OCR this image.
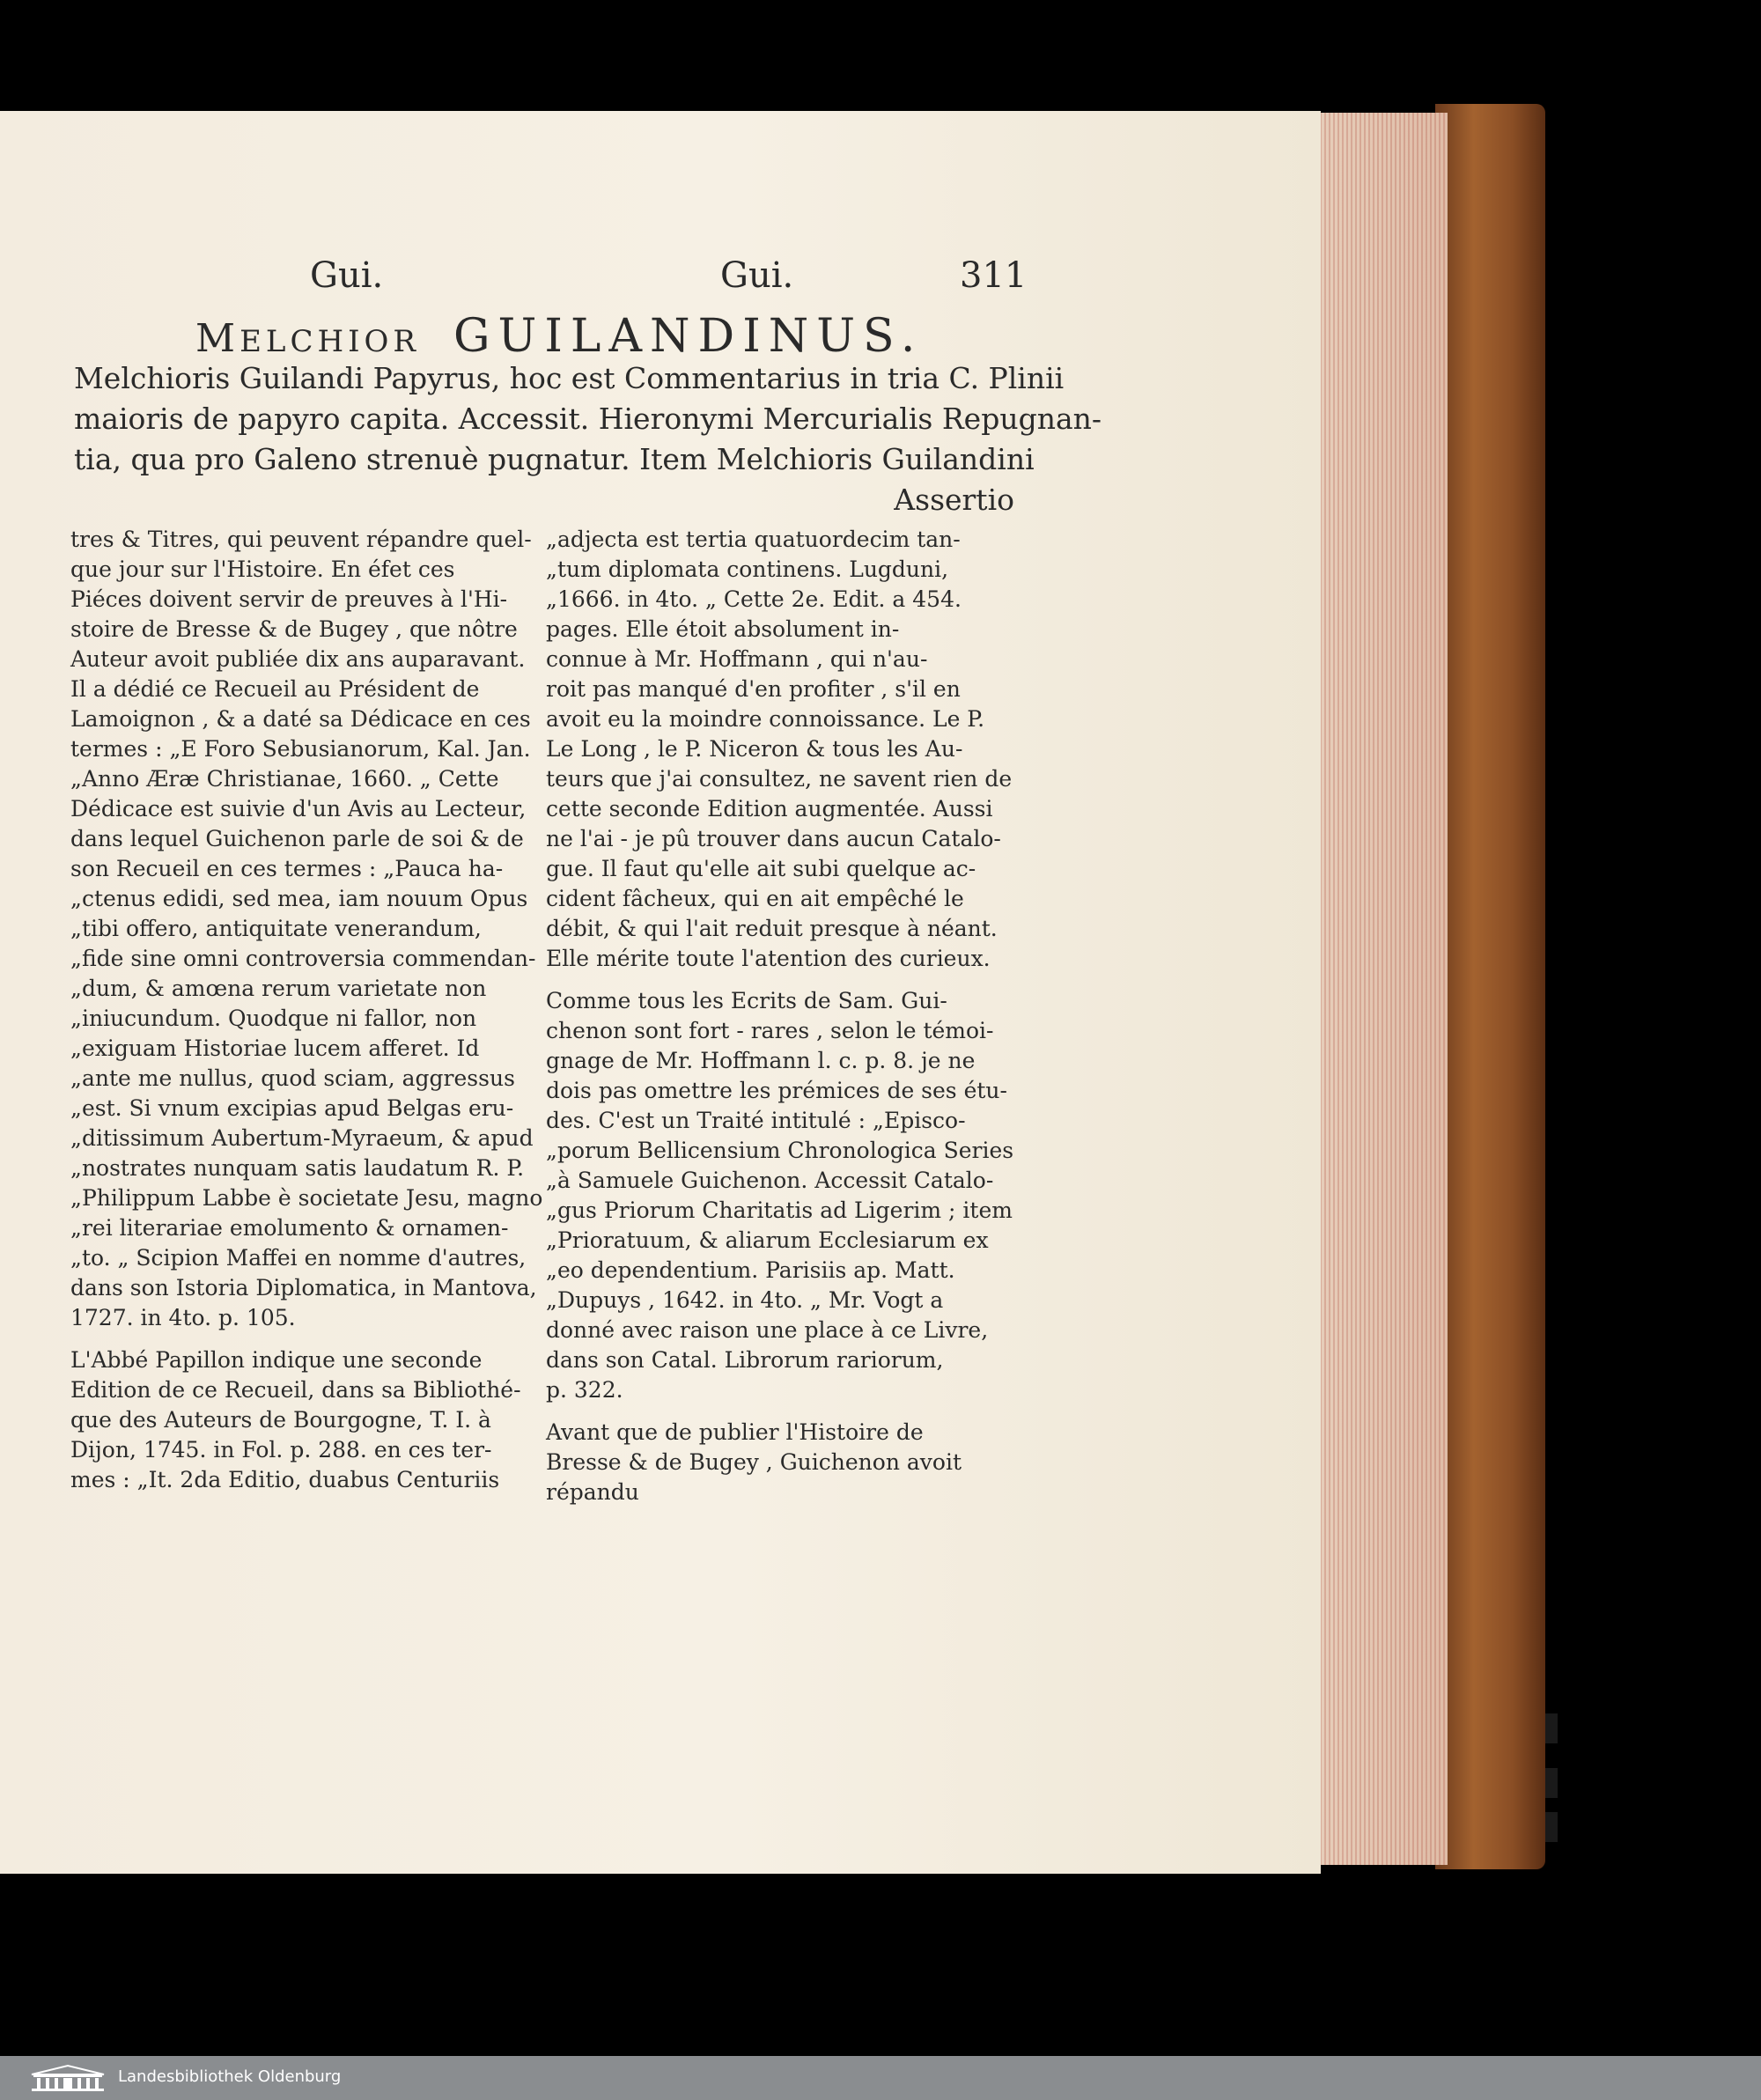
Gui.	Gui.	311
MELCHIOR GUILANDINUS.
Melchioris Guilandi Papyrus, hoc est Commentarius in tria C. Plinii
maioris de papyro capita. Accessit. Hieronymi Mercurialis Repugnan-
tia, qua pro Galeno strenuè pugnatur. Item Melchioris Guilandini
Assertio
tres & Titres, qui peuvent répandre quel-
que jour sur l'Histoire. En éfet ces
Piéces doivent servir de preuves à l'Hi-
stoire de Bresse & de Bugey , que nôtre
Auteur avoit publiée dix ans auparavant.
Il a dédié ce Recueil au Président de
Lamoignon , & a daté sa Dédicace en ces
termes : „E Foro Sebusianorum, Kal. Jan.
„Anno Æræ Christianae, 1660. „ Cette
Dédicace est suivie d'un Avis au Lecteur,
dans lequel Guichenon parle de soi & de
son Recueil en ces termes : „Pauca ha-
„ctenus edidi, sed mea, iam nouum Opus
„tibi offero, antiquitate venerandum,
„fide sine omni controversia commendan-
„dum, & amœna rerum varietate non
„iniucundum. Quodque ni fallor, non
„exiguam Historiae lucem afferet. Id
„ante me nullus, quod sciam, aggressus
„est. Si vnum excipias apud Belgas eru-
„ditissimum Aubertum-Myraeum, & apud
„nostrates nunquam satis laudatum R. P.
„Philippum Labbe è societate Jesu, magno
„rei literariae emolumento & ornamen-
„to. „ Scipion Maffei en nomme d'autres,
dans son Istoria Diplomatica, in Mantova,
1727. in 4to. p. 105.
L'Abbé Papillon indique une seconde
Edition de ce Recueil, dans sa Bibliothé-
que des Auteurs de Bourgogne, T. I. à
Dijon, 1745. in Fol. p. 288. en ces ter-
mes : „It. 2da Editio, duabus Centuriis
„adjecta est tertia quatuordecim tan-
„tum diplomata continens. Lugduni,
„1666. in 4to. „ Cette 2e. Edit. a 454.
pages. Elle étoit absolument in-
connue à Mr. Hoffmann , qui n'au-
roit pas manqué d'en profiter , s'il en
avoit eu la moindre connoissance. Le P.
Le Long , le P. Niceron & tous les Au-
teurs que j'ai consultez, ne savent rien de
cette seconde Edition augmentée. Aussi
ne l'ai - je pû trouver dans aucun Catalo-
gue. Il faut qu'elle ait subi quelque ac-
cident fâcheux, qui en ait empêché le
débit, & qui l'ait reduit presque à néant.
Elle mérite toute l'atention des curieux.
Comme tous les Ecrits de Sam. Gui-
chenon sont fort - rares , selon le témoi-
gnage de Mr. Hoffmann l. c. p. 8. je ne
dois pas omettre les prémices de ses étu-
des. C'est un Traité intitulé : „Episco-
„porum Bellicensium Chronologica Series
„à Samuele Guichenon. Accessit Catalo-
„gus Priorum Charitatis ad Ligerim ; item
„Prioratuum, & aliarum Ecclesiarum ex
„eo dependentium. Parisiis ap. Matt.
„Dupuys , 1642. in 4to. „ Mr. Vogt a
donné avec raison une place à ce Livre,
dans son Catal. Librorum rariorum,
p. 322.
Avant que de publier l'Histoire de
Bresse & de Bugey , Guichenon avoit
répandu
Landesbibliothek Oldenburg
